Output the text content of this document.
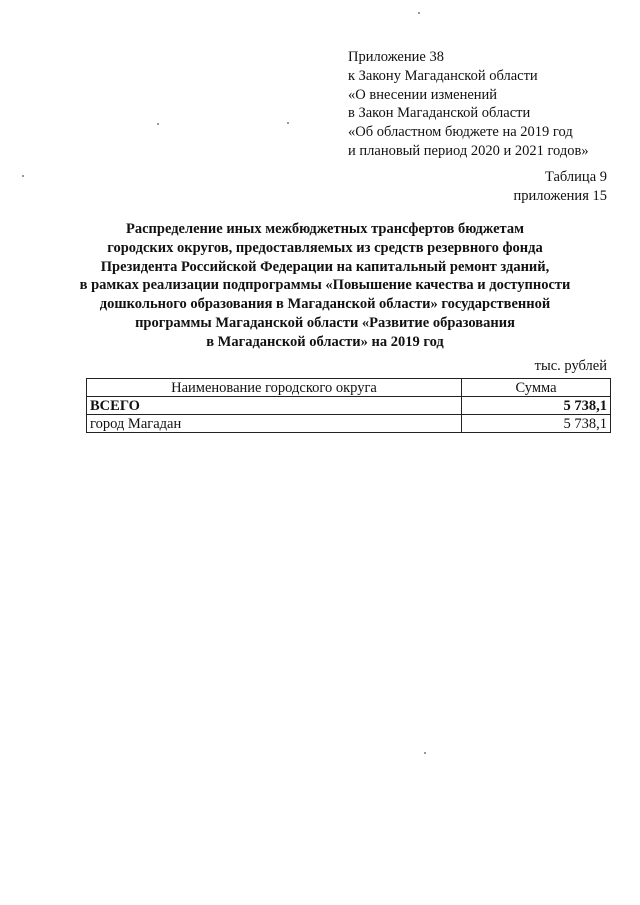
Приложение 38
к Закону Магаданской области
«О внесении изменений
в Закон Магаданской области
«Об областном бюджете на 2019 год
и плановый период 2020 и 2021 годов»
Таблица 9
приложения 15
Распределение иных межбюджетных трансфертов бюджетам
городских округов, предоставляемых из средств резервного фонда
Президента Российской Федерации на капитальный ремонт зданий,
в рамках реализации подпрограммы «Повышение качества и доступности
дошкольного образования в Магаданской области» государственной
программы Магаданской области «Развитие образования
в Магаданской области» на 2019 год
тыс. рублей
Наименование городского округа	Сумма
ВСЕГО	5 738,1
город Магадан	5 738,1
